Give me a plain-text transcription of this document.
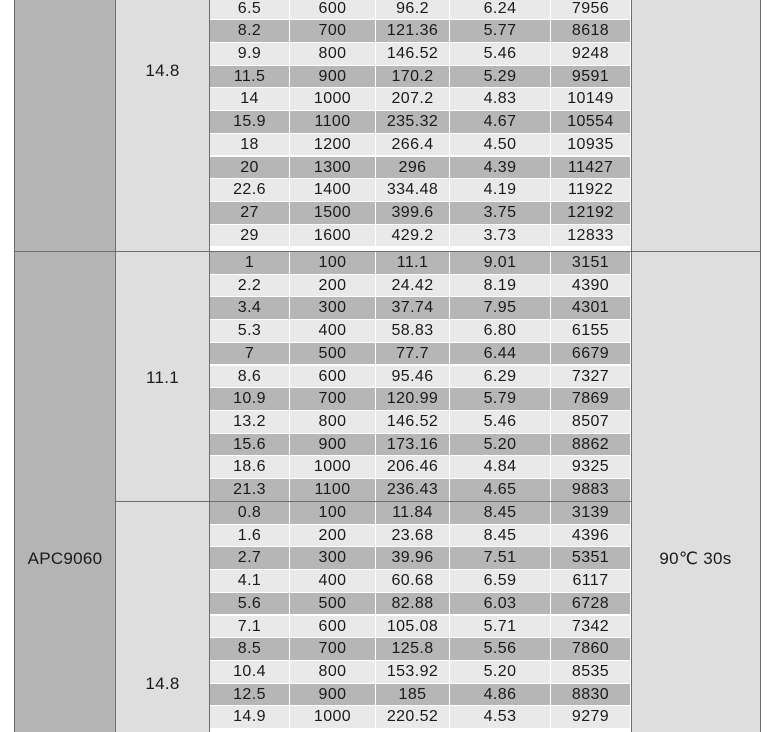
14.8
6.5	600	96.2	6.24	7956
8.2	700	121.36	5.77	8618
9.9	800	146.52	5.46	9248
11.5	900	170.2	5.29	9591
14	1000	207.2	4.83	10149
15.9	1100	235.32	4.67	10554
18	1200	266.4	4.50	10935
20	1300	296	4.39	11427
22.6	1400	334.48	4.19	11922
27	1500	399.6	3.75	12192
29	1600	429.2	3.73	12833
APC9060
11.1
14.8
90℃ 30s
1	100	11.1	9.01	3151
2.2	200	24.42	8.19	4390
3.4	300	37.74	7.95	4301
5.3	400	58.83	6.80	6155
7	500	77.7	6.44	6679
8.6	600	95.46	6.29	7327
10.9	700	120.99	5.79	7869
13.2	800	146.52	5.46	8507
15.6	900	173.16	5.20	8862
18.6	1000	206.46	4.84	9325
21.3	1100	236.43	4.65	9883
0.8	100	11.84	8.45	3139
1.6	200	23.68	8.45	4396
2.7	300	39.96	7.51	5351
4.1	400	60.68	6.59	6117
5.6	500	82.88	6.03	6728
7.1	600	105.08	5.71	7342
8.5	700	125.8	5.56	7860
10.4	800	153.92	5.20	8535
12.5	900	185	4.86	8830
14.9	1000	220.52	4.53	9279
